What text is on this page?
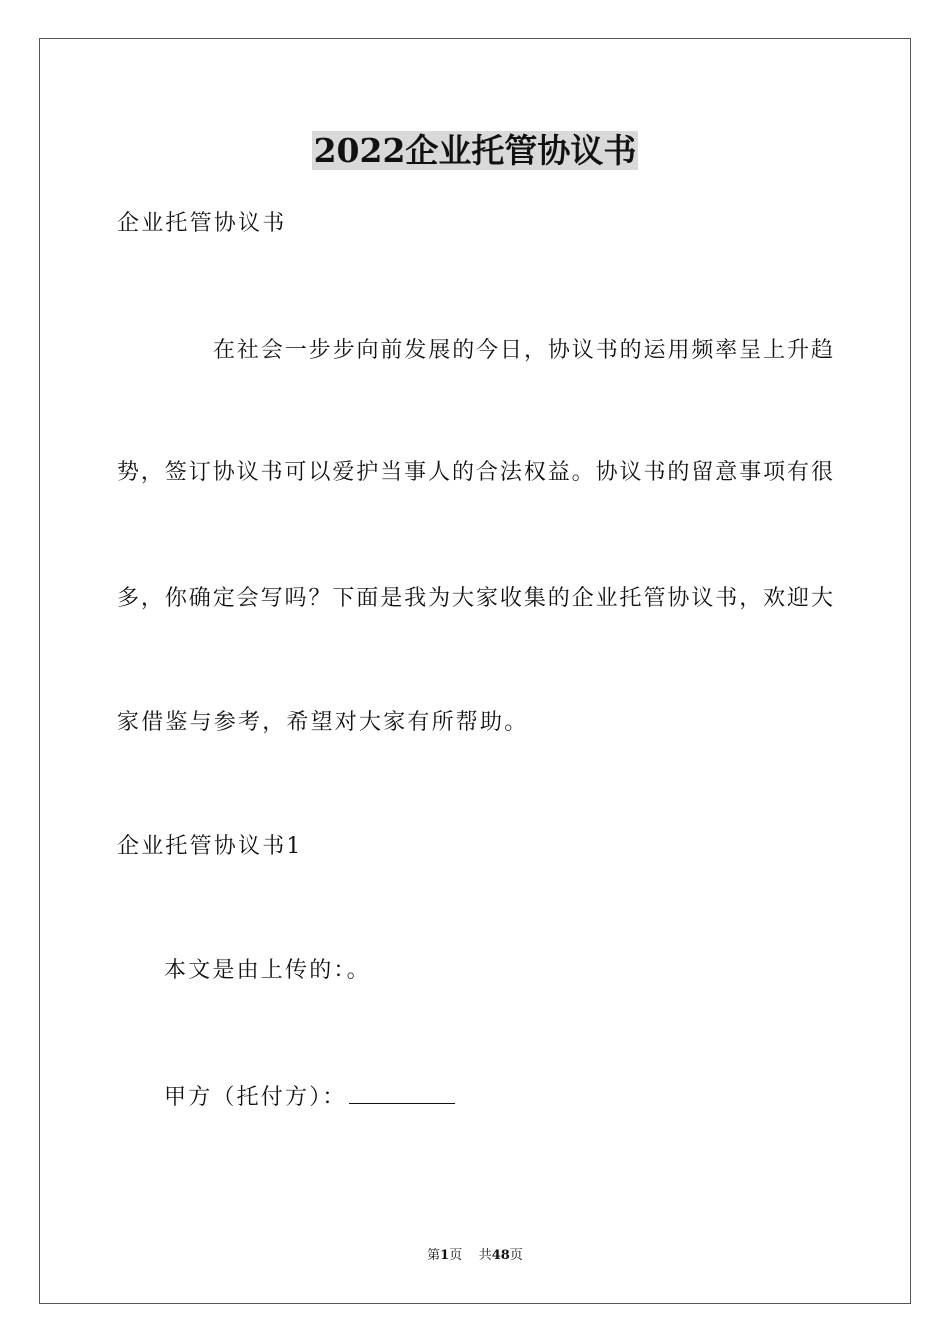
2022企业托管协议书
企业托管协议书
在社会一步步向前发展的今日，协议书的运用频率呈上升趋
势，签订协议书可以爱护当事人的合法权益。协议书的留意事项有很
多，你确定会写吗？下面是我为大家收集的企业托管协议书，欢迎大
家借鉴与参考，希望对大家有所帮助。
企业托管协议书1
本文是由上传的：。
甲方（托付方）：
第1页 共48页
